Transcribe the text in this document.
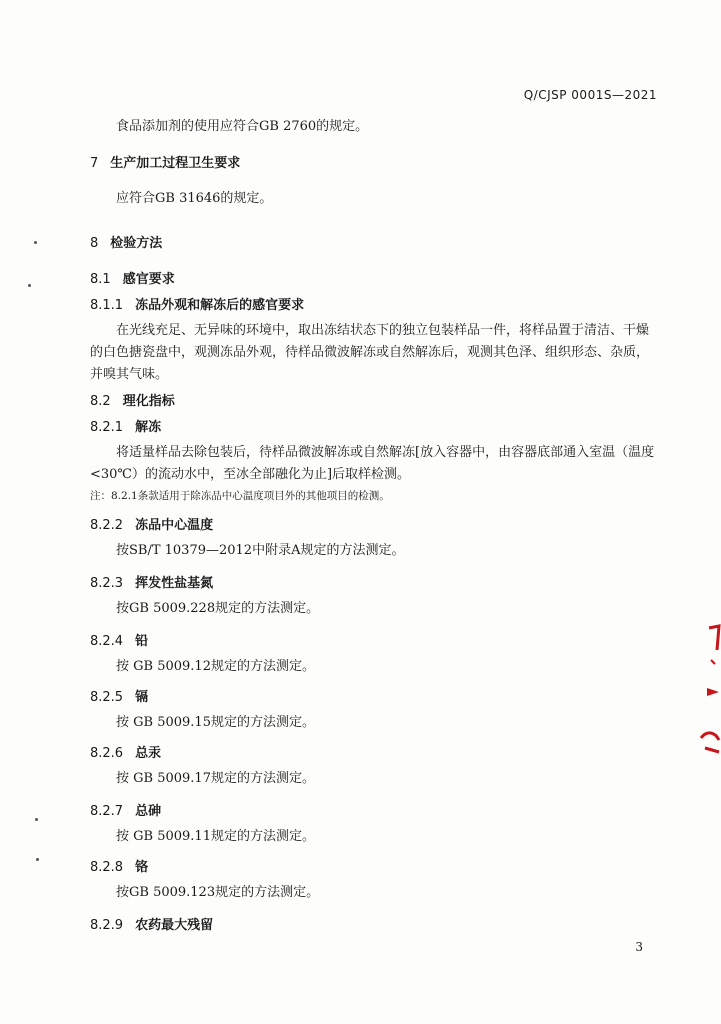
Q/CJSP 0001S—2021

食品添加剂的使用应符合GB 2760的规定。

7 生产加工过程卫生要求

应符合GB 31646的规定。

8 检验方法

8.1 感官要求

8.1.1 冻品外观和解冻后的感官要求

在光线充足、无异味的环境中，取出冻结状态下的独立包装样品一件，将样品置于清洁、干燥的白色搪瓷盘中，观测冻品外观，待样品微波解冻或自然解冻后，观测其色泽、组织形态、杂质，并嗅其气味。

8.2 理化指标

8.2.1 解冻

将适量样品去除包装后，待样品微波解冻或自然解冻[放入容器中，由容器底部通入室温（温度<30℃）的流动水中，至冰全部融化为止]后取样检测。

注：8.2.1条款适用于除冻品中心温度项目外的其他项目的检测。

8.2.2 冻品中心温度

按SB/T 10379—2012中附录A规定的方法测定。

8.2.3 挥发性盐基氮

按GB 5009.228规定的方法测定。

8.2.4 铅

按 GB 5009.12规定的方法测定。

8.2.5 镉

按 GB 5009.15规定的方法测定。

8.2.6 总汞

按 GB 5009.17规定的方法测定。

8.2.7 总砷

按 GB 5009.11规定的方法测定。

8.2.8 铬

按GB 5009.123规定的方法测定。

8.2.9 农药最大残留

3
